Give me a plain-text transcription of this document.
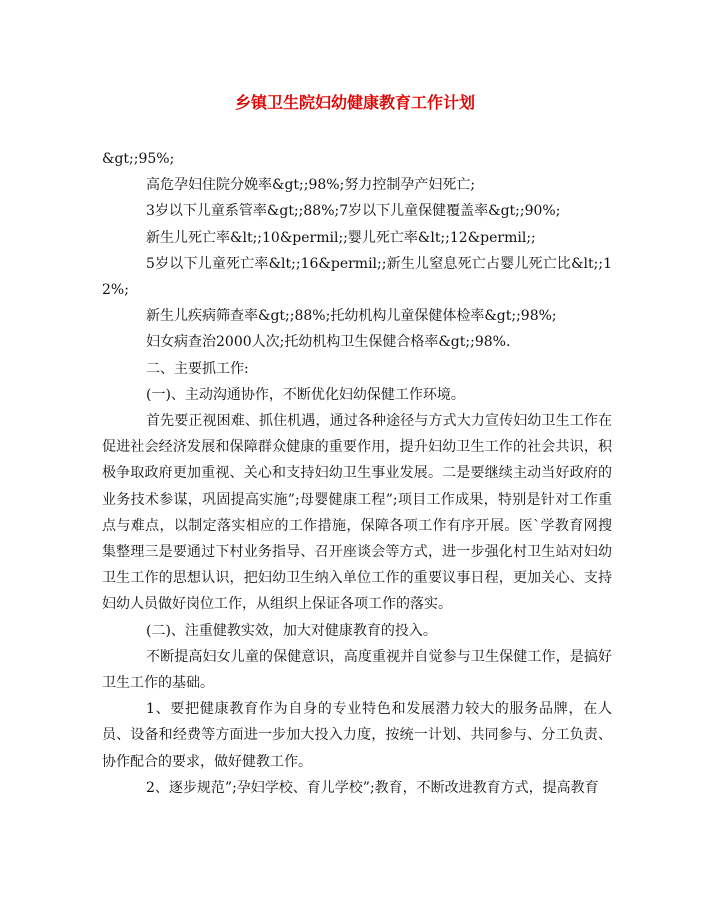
乡镇卫生院妇幼健康教育工作计划

&gt;;95%;

高危孕妇住院分娩率&gt;;98%;努力控制孕产妇死亡;

3岁以下儿童系管率&gt;;88%;7岁以下儿童保健覆盖率&gt;;90%;

新生儿死亡率&lt;;10&permil;;婴儿死亡率&lt;;12&permil;;

5岁以下儿童死亡率&lt;;16&permil;;新生儿窒息死亡占婴儿死亡比&lt;;12%;

新生儿疾病筛查率&gt;;88%;托幼机构儿童保健体检率&gt;;98%;

妇女病查治2000人次;托幼机构卫生保健合格率&gt;;98%.

二、主要抓工作:

(一)、主动沟通协作，不断优化妇幼保健工作环境。

首先要正视困难、抓住机遇，通过各种途径与方式大力宣传妇幼卫生工作在促进社会经济发展和保障群众健康的重要作用，提升妇幼卫生工作的社会共识，积极争取政府更加重视、关心和支持妇幼卫生事业发展。二是要继续主动当好政府的业务技术参谋，巩固提高实施”;母婴健康工程”;项目工作成果，特别是针对工作重点与难点，以制定落实相应的工作措施，保障各项工作有序开展。医`学教育网搜集整理三是要通过下村业务指导、召开座谈会等方式，进一步强化村卫生站对妇幼卫生工作的思想认识，把妇幼卫生纳入单位工作的重要议事日程，更加关心、支持妇幼人员做好岗位工作，从组织上保证各项工作的落实。

(二)、注重健教实效，加大对健康教育的投入。

不断提高妇女儿童的保健意识，高度重视并自觉参与卫生保健工作，是搞好卫生工作的基础。

1、要把健康教育作为自身的专业特色和发展潜力较大的服务品牌，在人员、设备和经费等方面进一步加大投入力度，按统一计划、共同参与、分工负责、协作配合的要求，做好健教工作。

2、逐步规范”;孕妇学校、育儿学校”;教育，不断改进教育方式，提高教育
